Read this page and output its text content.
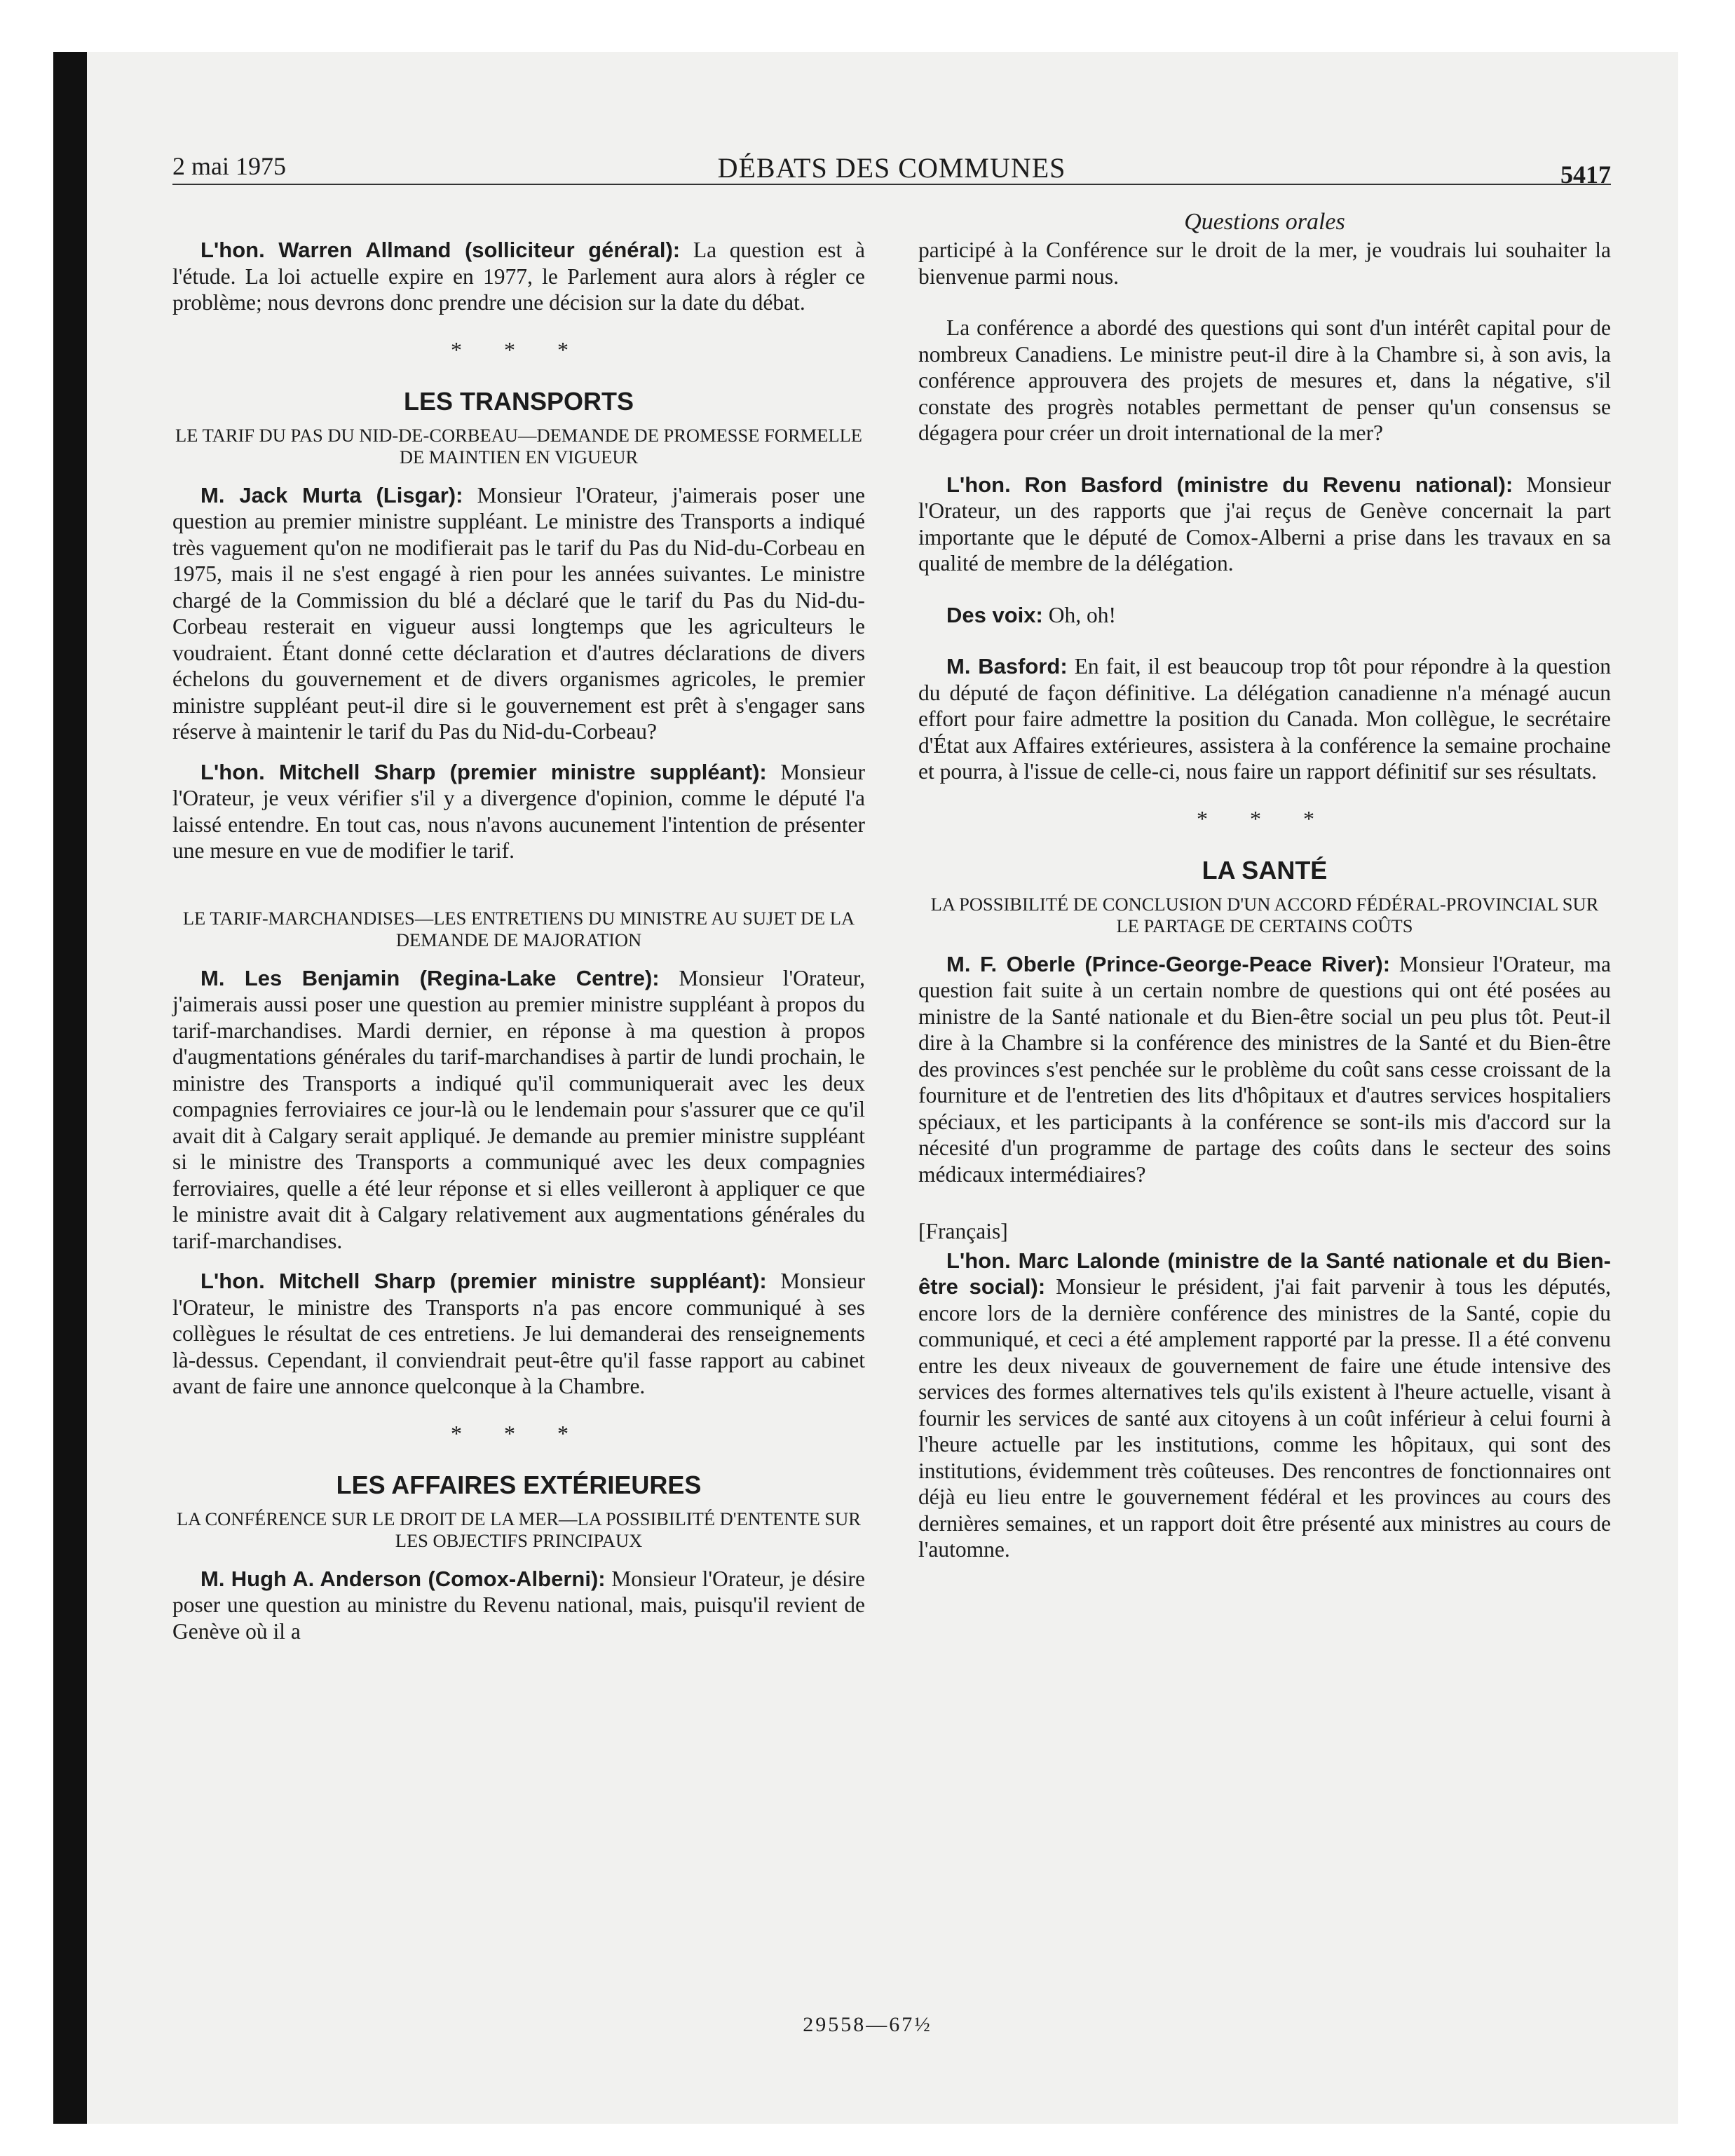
2 mai 1975	DÉBATS DES COMMUNES	5417
Questions orales

L'hon. Warren Allmand (solliciteur général): La question est à l'étude. La loi actuelle expire en 1977, le Parlement aura alors à régler ce problème; nous devrons donc prendre une décision sur la date du débat.

* * *
LES TRANSPORTS
LE TARIF DU PAS DU NID-DE-CORBEAU—DEMANDE DE PROMESSE FORMELLE DE MAINTIEN EN VIGUEUR

M. Jack Murta (Lisgar): Monsieur l'Orateur, j'aimerais poser une question au premier ministre suppléant. Le ministre des Transports a indiqué très vaguement qu'on ne modifierait pas le tarif du Pas du Nid-du-Corbeau en 1975, mais il ne s'est engagé à rien pour les années suivantes. Le ministre chargé de la Commission du blé a déclaré que le tarif du Pas du Nid-du-Corbeau resterait en vigueur aussi longtemps que les agriculteurs le voudraient. Étant donné cette déclaration et d'autres déclarations de divers échelons du gouvernement et de divers organismes agricoles, le premier ministre suppléant peut-il dire si le gouvernement est prêt à s'engager sans réserve à maintenir le tarif du Pas du Nid-du-Corbeau?

L'hon. Mitchell Sharp (premier ministre suppléant): Monsieur l'Orateur, je veux vérifier s'il y a divergence d'opinion, comme le député l'a laissé entendre. En tout cas, nous n'avons aucunement l'intention de présenter une mesure en vue de modifier le tarif.

LE TARIF-MARCHANDISES—LES ENTRETIENS DU MINISTRE AU SUJET DE LA DEMANDE DE MAJORATION

M. Les Benjamin (Regina-Lake Centre): Monsieur l'Orateur, j'aimerais aussi poser une question au premier ministre suppléant à propos du tarif-marchandises. Mardi dernier, en réponse à ma question à propos d'augmentations générales du tarif-marchandises à partir de lundi prochain, le ministre des Transports a indiqué qu'il communiquerait avec les deux compagnies ferroviaires ce jour-là ou le lendemain pour s'assurer que ce qu'il avait dit à Calgary serait appliqué. Je demande au premier ministre suppléant si le ministre des Transports a communiqué avec les deux compagnies ferroviaires, quelle a été leur réponse et si elles veilleront à appliquer ce que le ministre avait dit à Calgary relativement aux augmentations générales du tarif-marchandises.

L'hon. Mitchell Sharp (premier ministre suppléant): Monsieur l'Orateur, le ministre des Transports n'a pas encore communiqué à ses collègues le résultat de ces entretiens. Je lui demanderai des renseignements là-dessus. Cependant, il conviendrait peut-être qu'il fasse rapport au cabinet avant de faire une annonce quelconque à la Chambre.

* * *
LES AFFAIRES EXTÉRIEURES
LA CONFÉRENCE SUR LE DROIT DE LA MER—LA POSSIBILITÉ D'ENTENTE SUR LES OBJECTIFS PRINCIPAUX

M. Hugh A. Anderson (Comox-Alberni): Monsieur l'Orateur, je désire poser une question au ministre du Revenu national, mais, puisqu'il revient de Genève où il a

participé à la Conférence sur le droit de la mer, je voudrais lui souhaiter la bienvenue parmi nous.

La conférence a abordé des questions qui sont d'un intérêt capital pour de nombreux Canadiens. Le ministre peut-il dire à la Chambre si, à son avis, la conférence approuvera des projets de mesures et, dans la négative, s'il constate des progrès notables permettant de penser qu'un consensus se dégagera pour créer un droit international de la mer?

L'hon. Ron Basford (ministre du Revenu national): Monsieur l'Orateur, un des rapports que j'ai reçus de Genève concernait la part importante que le député de Comox-Alberni a prise dans les travaux en sa qualité de membre de la délégation.

Des voix: Oh, oh!

M. Basford: En fait, il est beaucoup trop tôt pour répondre à la question du député de façon définitive. La délégation canadienne n'a ménagé aucun effort pour faire admettre la position du Canada. Mon collègue, le secrétaire d'État aux Affaires extérieures, assistera à la conférence la semaine prochaine et pourra, à l'issue de celle-ci, nous faire un rapport définitif sur ses résultats.

* * *
LA SANTÉ
LA POSSIBILITÉ DE CONCLUSION D'UN ACCORD FÉDÉRAL-PROVINCIAL SUR LE PARTAGE DE CERTAINS COÛTS

M. F. Oberle (Prince-George-Peace River): Monsieur l'Orateur, ma question fait suite à un certain nombre de questions qui ont été posées au ministre de la Santé nationale et du Bien-être social un peu plus tôt. Peut-il dire à la Chambre si la conférence des ministres de la Santé et du Bien-être des provinces s'est penchée sur le problème du coût sans cesse croissant de la fourniture et de l'entretien des lits d'hôpitaux et d'autres services hospitaliers spéciaux, et les participants à la conférence se sont-ils mis d'accord sur la nécesité d'un programme de partage des coûts dans le secteur des soins médicaux intermédiaires?

[Français]

L'hon. Marc Lalonde (ministre de la Santé nationale et du Bien-être social): Monsieur le président, j'ai fait parvenir à tous les députés, encore lors de la dernière conférence des ministres de la Santé, copie du communiqué, et ceci a été amplement rapporté par la presse. Il a été convenu entre les deux niveaux de gouvernement de faire une étude intensive des services des formes alternatives tels qu'ils existent à l'heure actuelle, visant à fournir les services de santé aux citoyens à un coût inférieur à celui fourni à l'heure actuelle par les institutions, comme les hôpitaux, qui sont des institutions, évidemment très coûteuses. Des rencontres de fonctionnaires ont déjà eu lieu entre le gouvernement fédéral et les provinces au cours des dernières semaines, et un rapport doit être présenté aux ministres au cours de l'automne.

29558—67½
